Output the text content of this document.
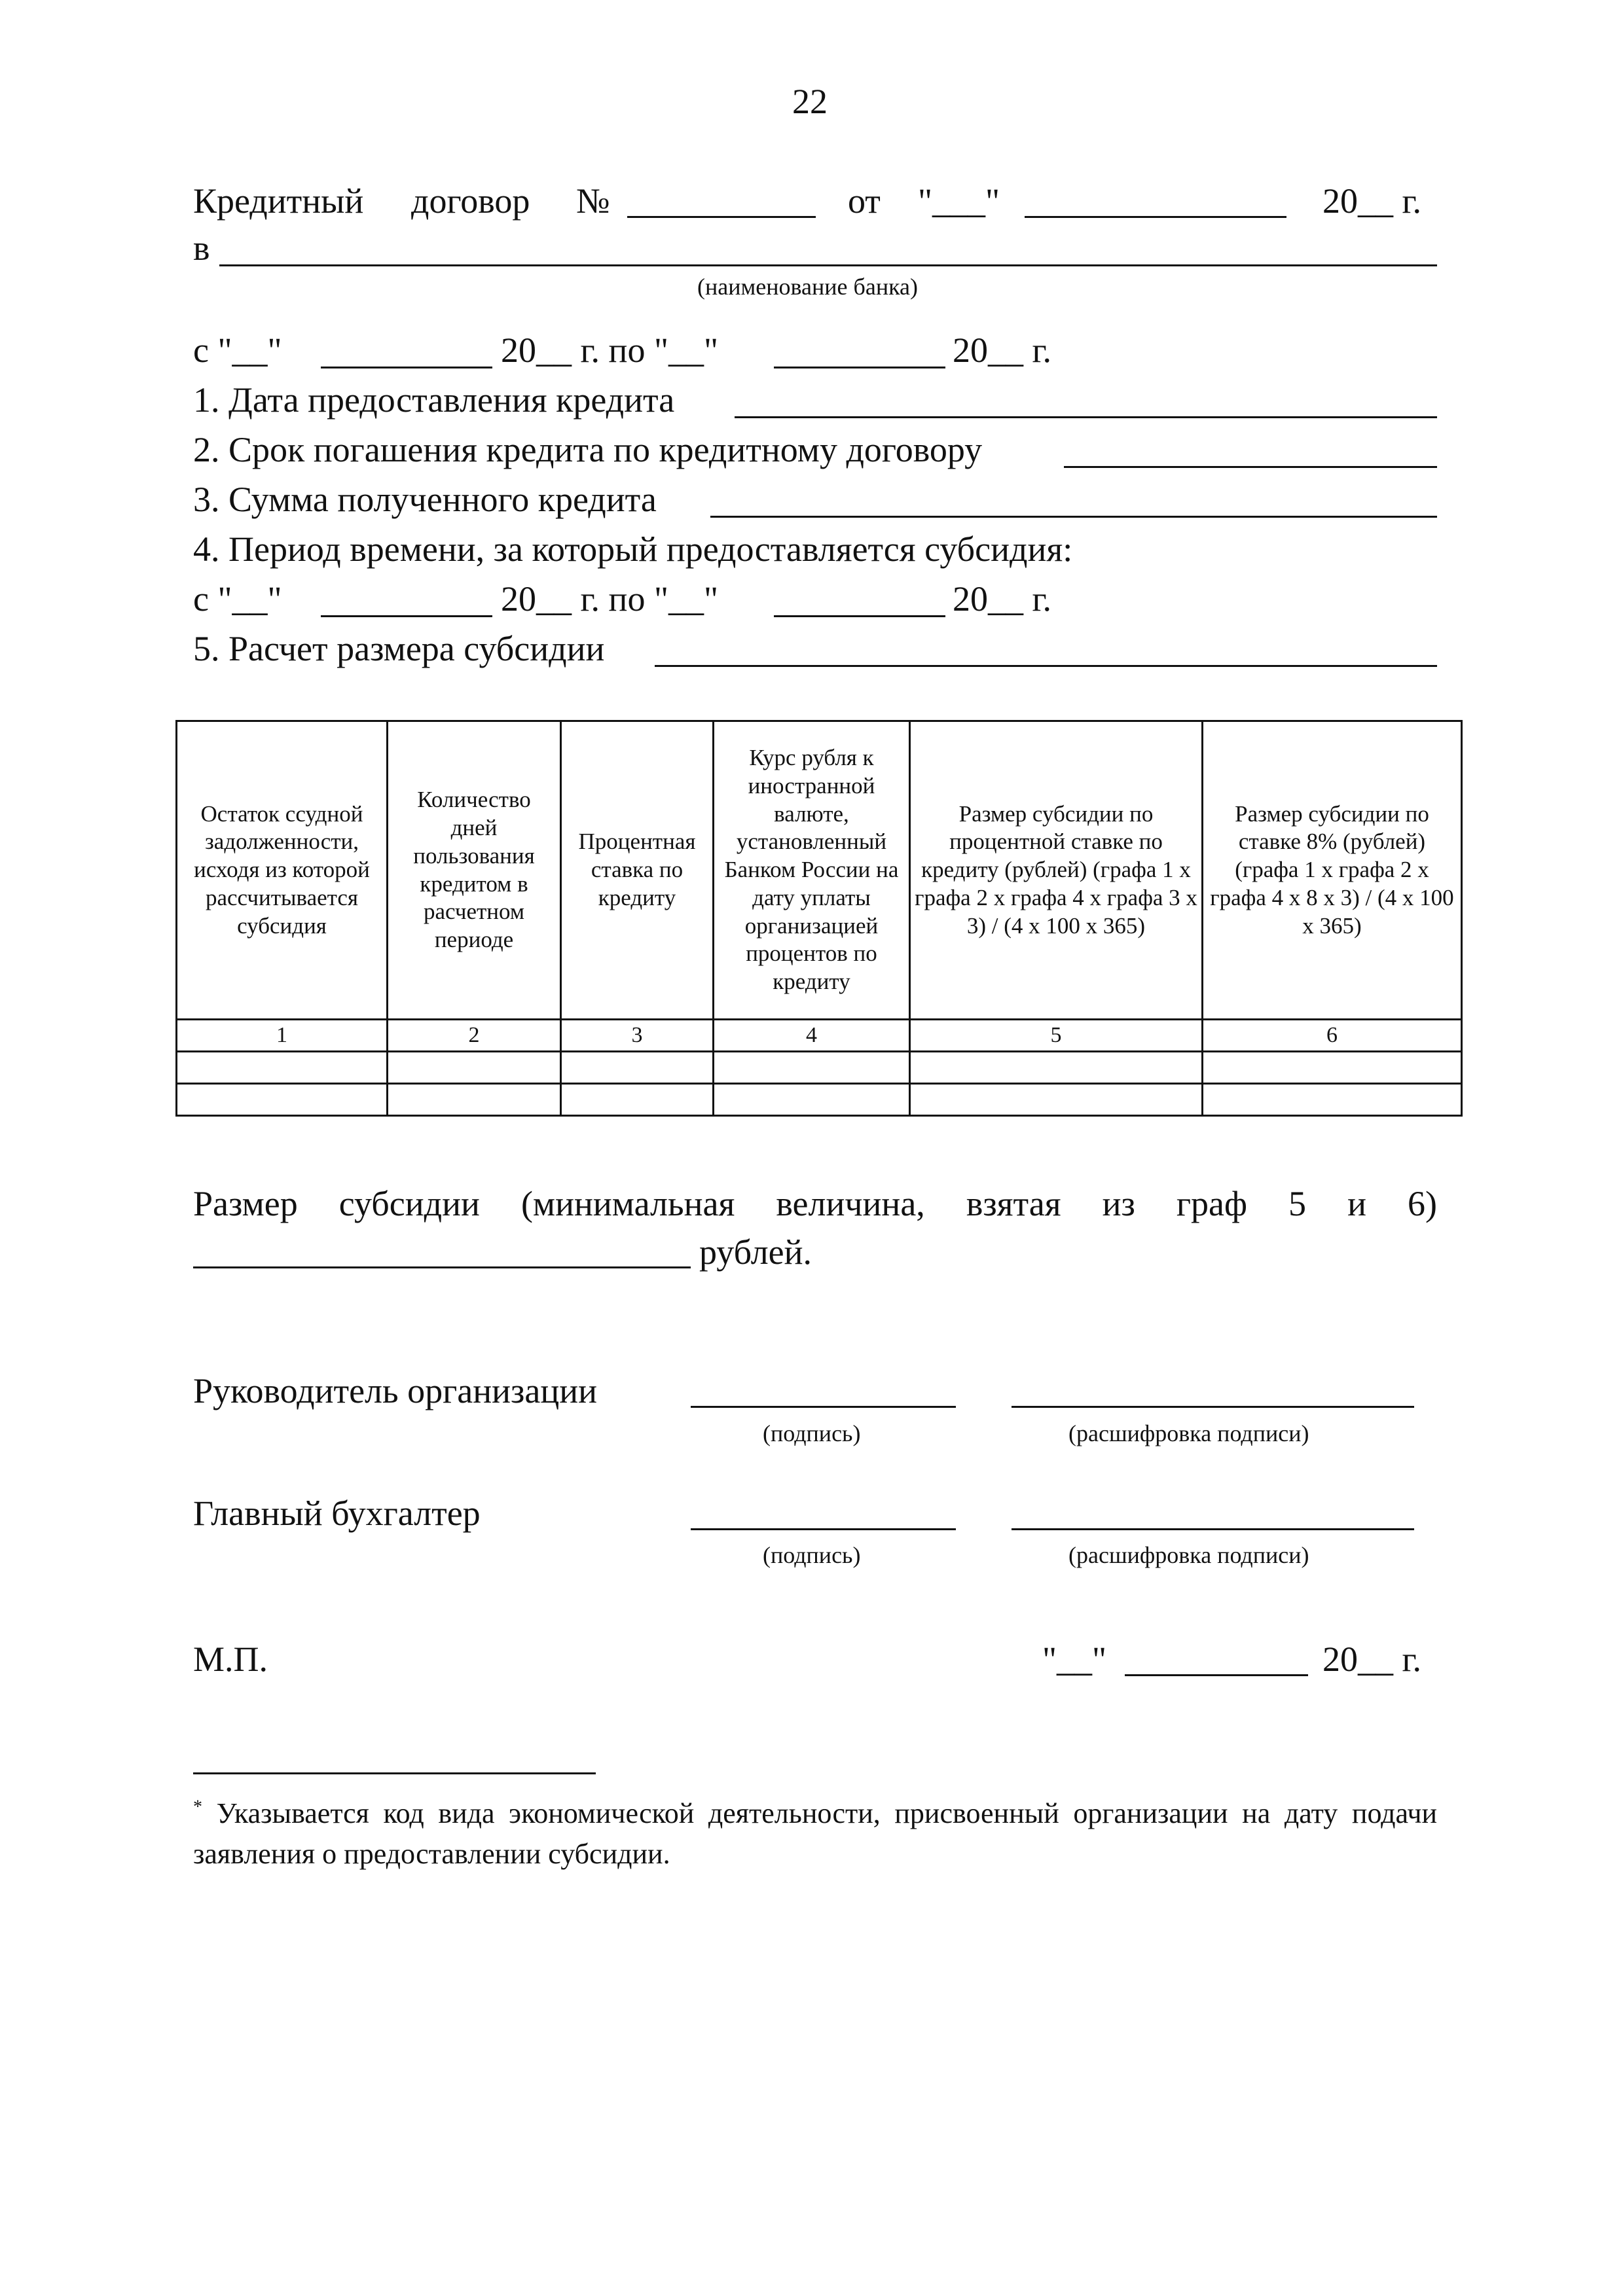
22
Кредитный договор №	от "___"	20__ г.
в
(наименование банка)
с "__"	20__ г. по "__"	20__ г.
1. Дата предоставления кредита
2. Срок погашения кредита по кредитному договору
3. Сумма полученного кредита
4. Период времени, за который предоставляется субсидия:
с "__"	20__ г. по "__"	20__ г.
5. Расчет размера субсидии
Остаток ссудной задолженности, исходя из которой рассчитывается субсидия	Количество дней пользования кредитом в расчетном периоде	Процентная ставка по кредиту	Курс рубля к иностранной валюте, установленный Банком России на дату уплаты организацией процентов по кредиту	Размер субсидии по процентной ставке по кредиту (рублей) (графа 1 х графа 2 х графа 4 х графа 3 х 3) / (4 х 100 х 365)	Размер субсидии по ставке 8% (рублей) (графа 1 х графа 2 х графа 4 х 8 х 3) / (4 х 100 х 365)
1	2	3	4	5	6

Размер субсидии (минимальная величина, взятая из граф 5 и 6)
рублей.
Руководитель организации
(подпись)	(расшифровка подписи)
Главный бухгалтер
(подпись)	(расшифровка подписи)
М.П.	"__"	20__ г.
* Указывается код вида экономической деятельности, присвоенный организации на дату подачи заявления о предоставлении субсидии.
